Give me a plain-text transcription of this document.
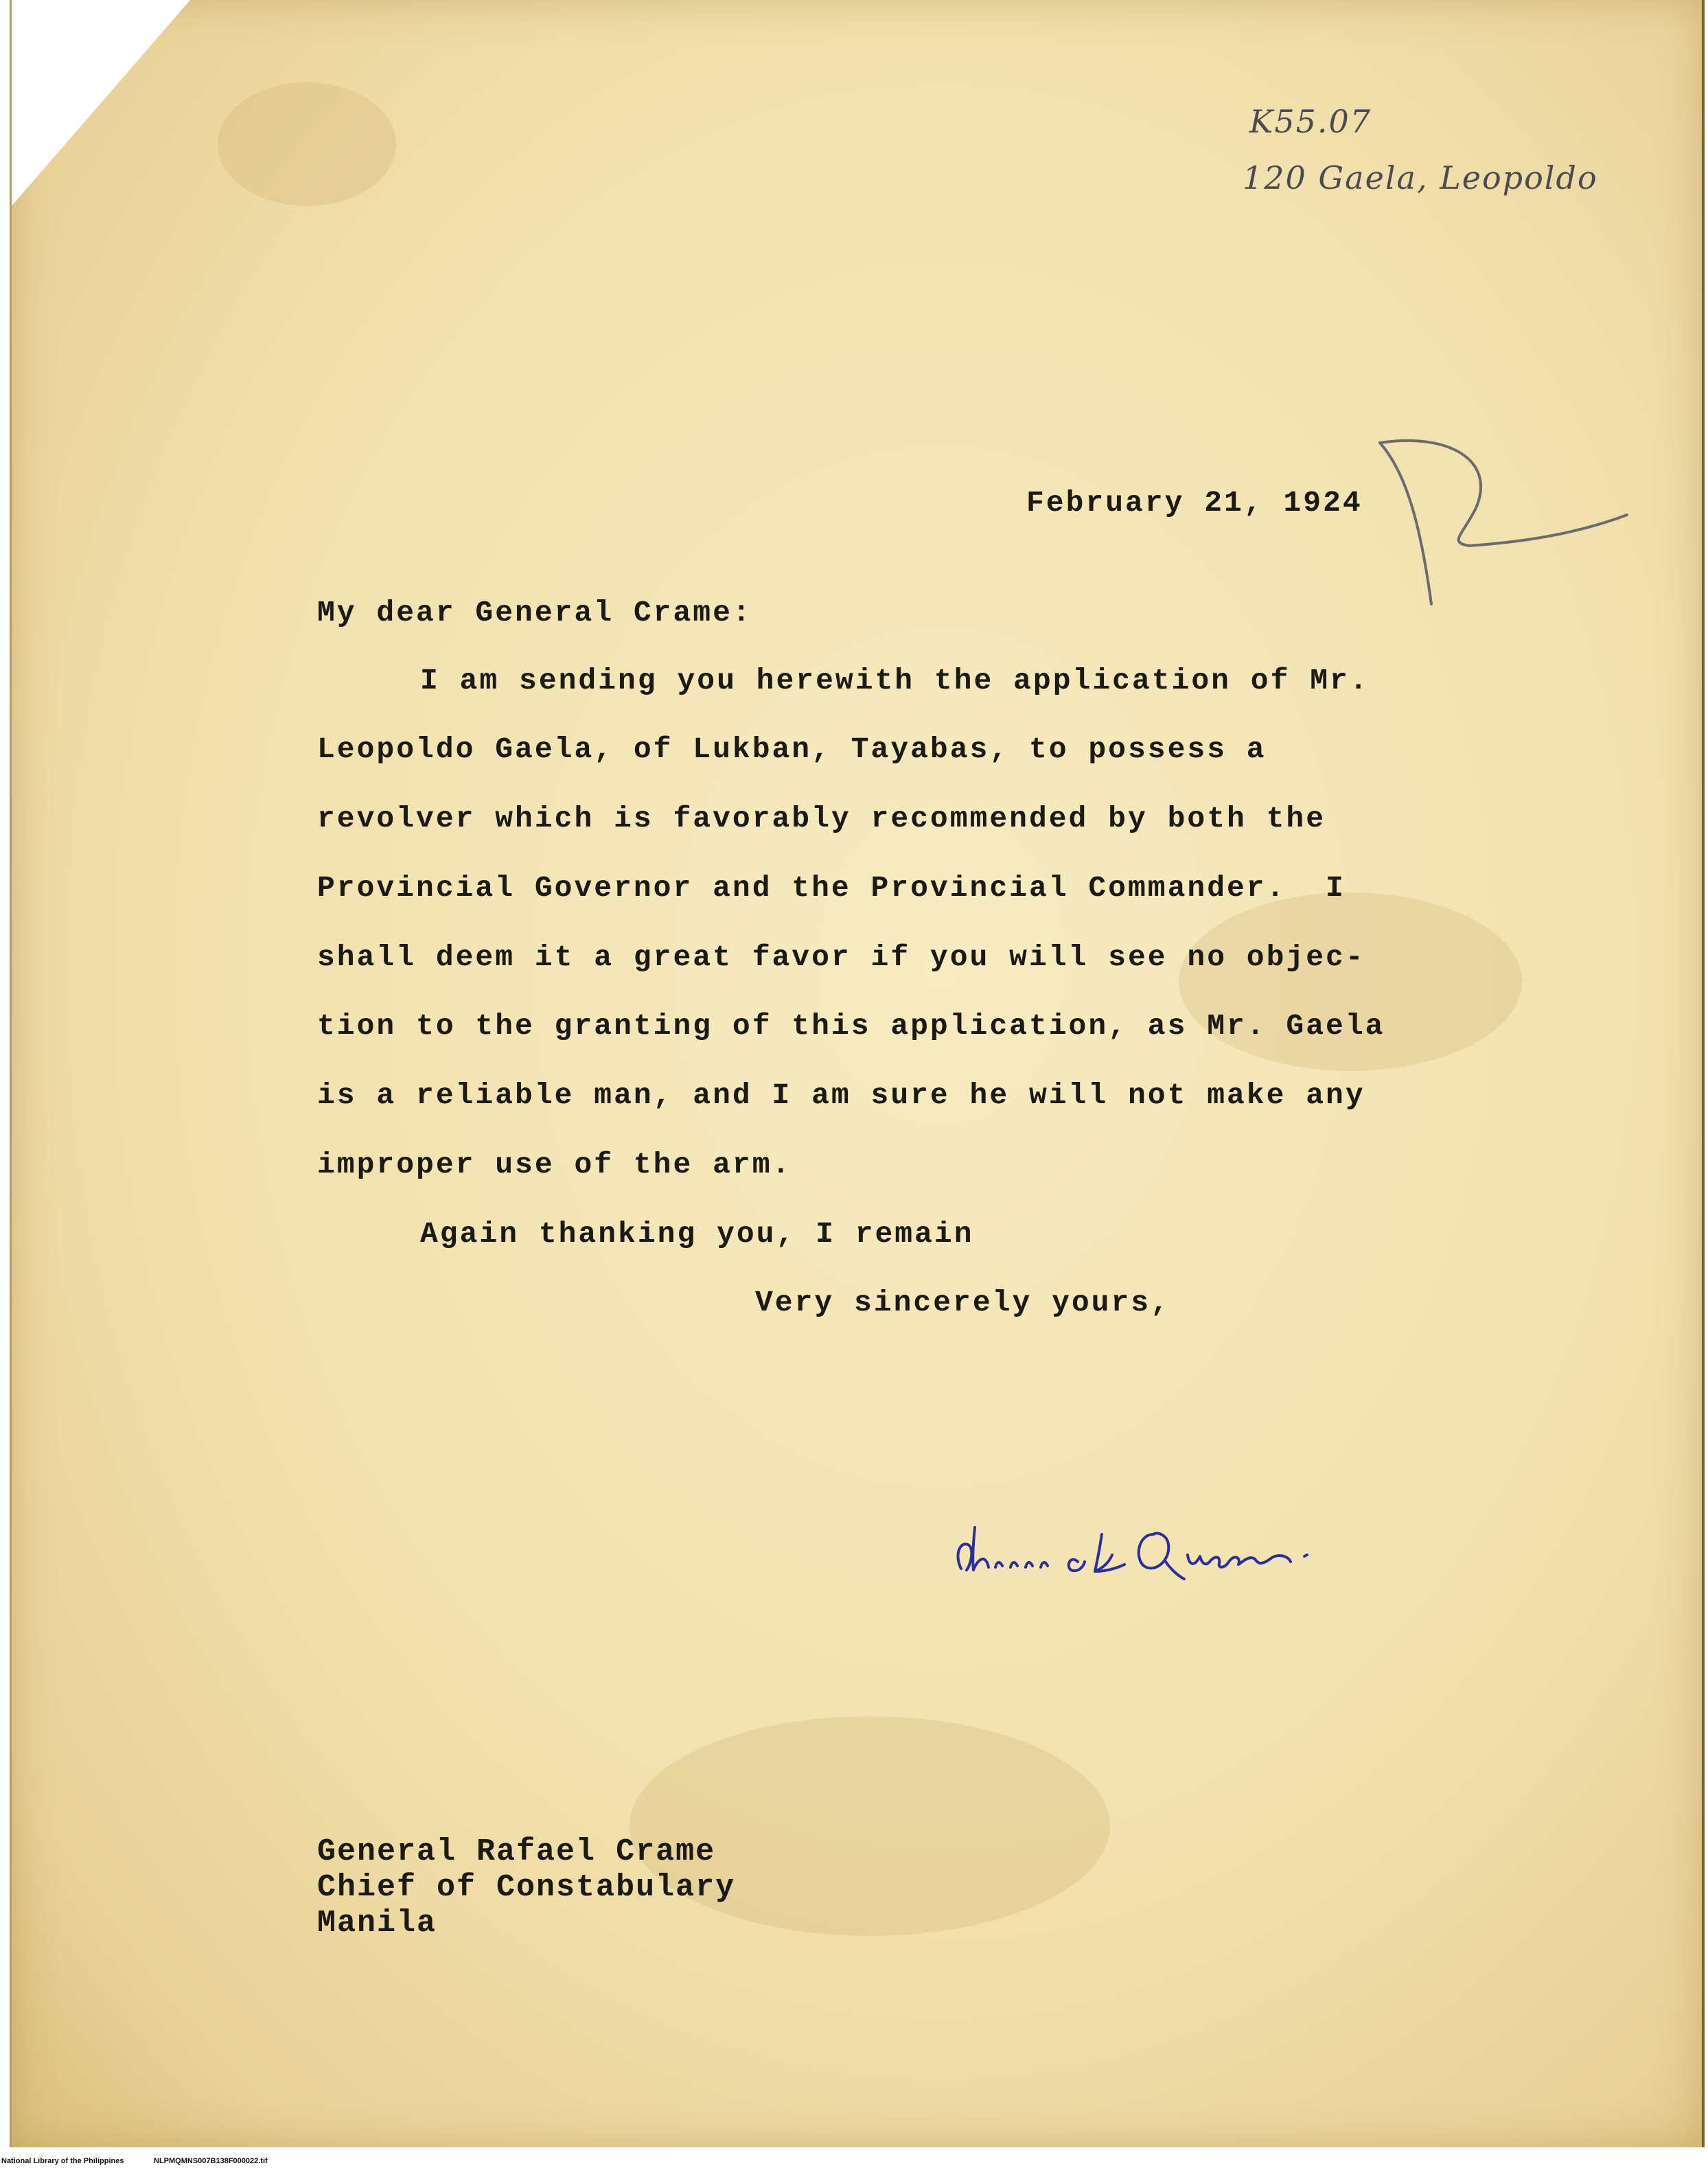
K55.07
120 Gaela, Leopoldo
February 21, 1924
My dear General Crame:
I am sending you herewith the application of Mr.
Leopoldo Gaela, of Lukban, Tayabas, to possess a
revolver which is favorably recommended by both the
Provincial Governor and the Provincial Commander.  I
shall deem it a great favor if you will see no objec-
tion to the granting of this application, as Mr. Gaela
is a reliable man, and I am sure he will not make any
improper use of the arm.
Again thanking you, I remain
Very sincerely yours,
General Rafael Crame
Chief of Constabulary
Manila
National Library of the Philippines	NLPMQMNS007B138F000022.tif
